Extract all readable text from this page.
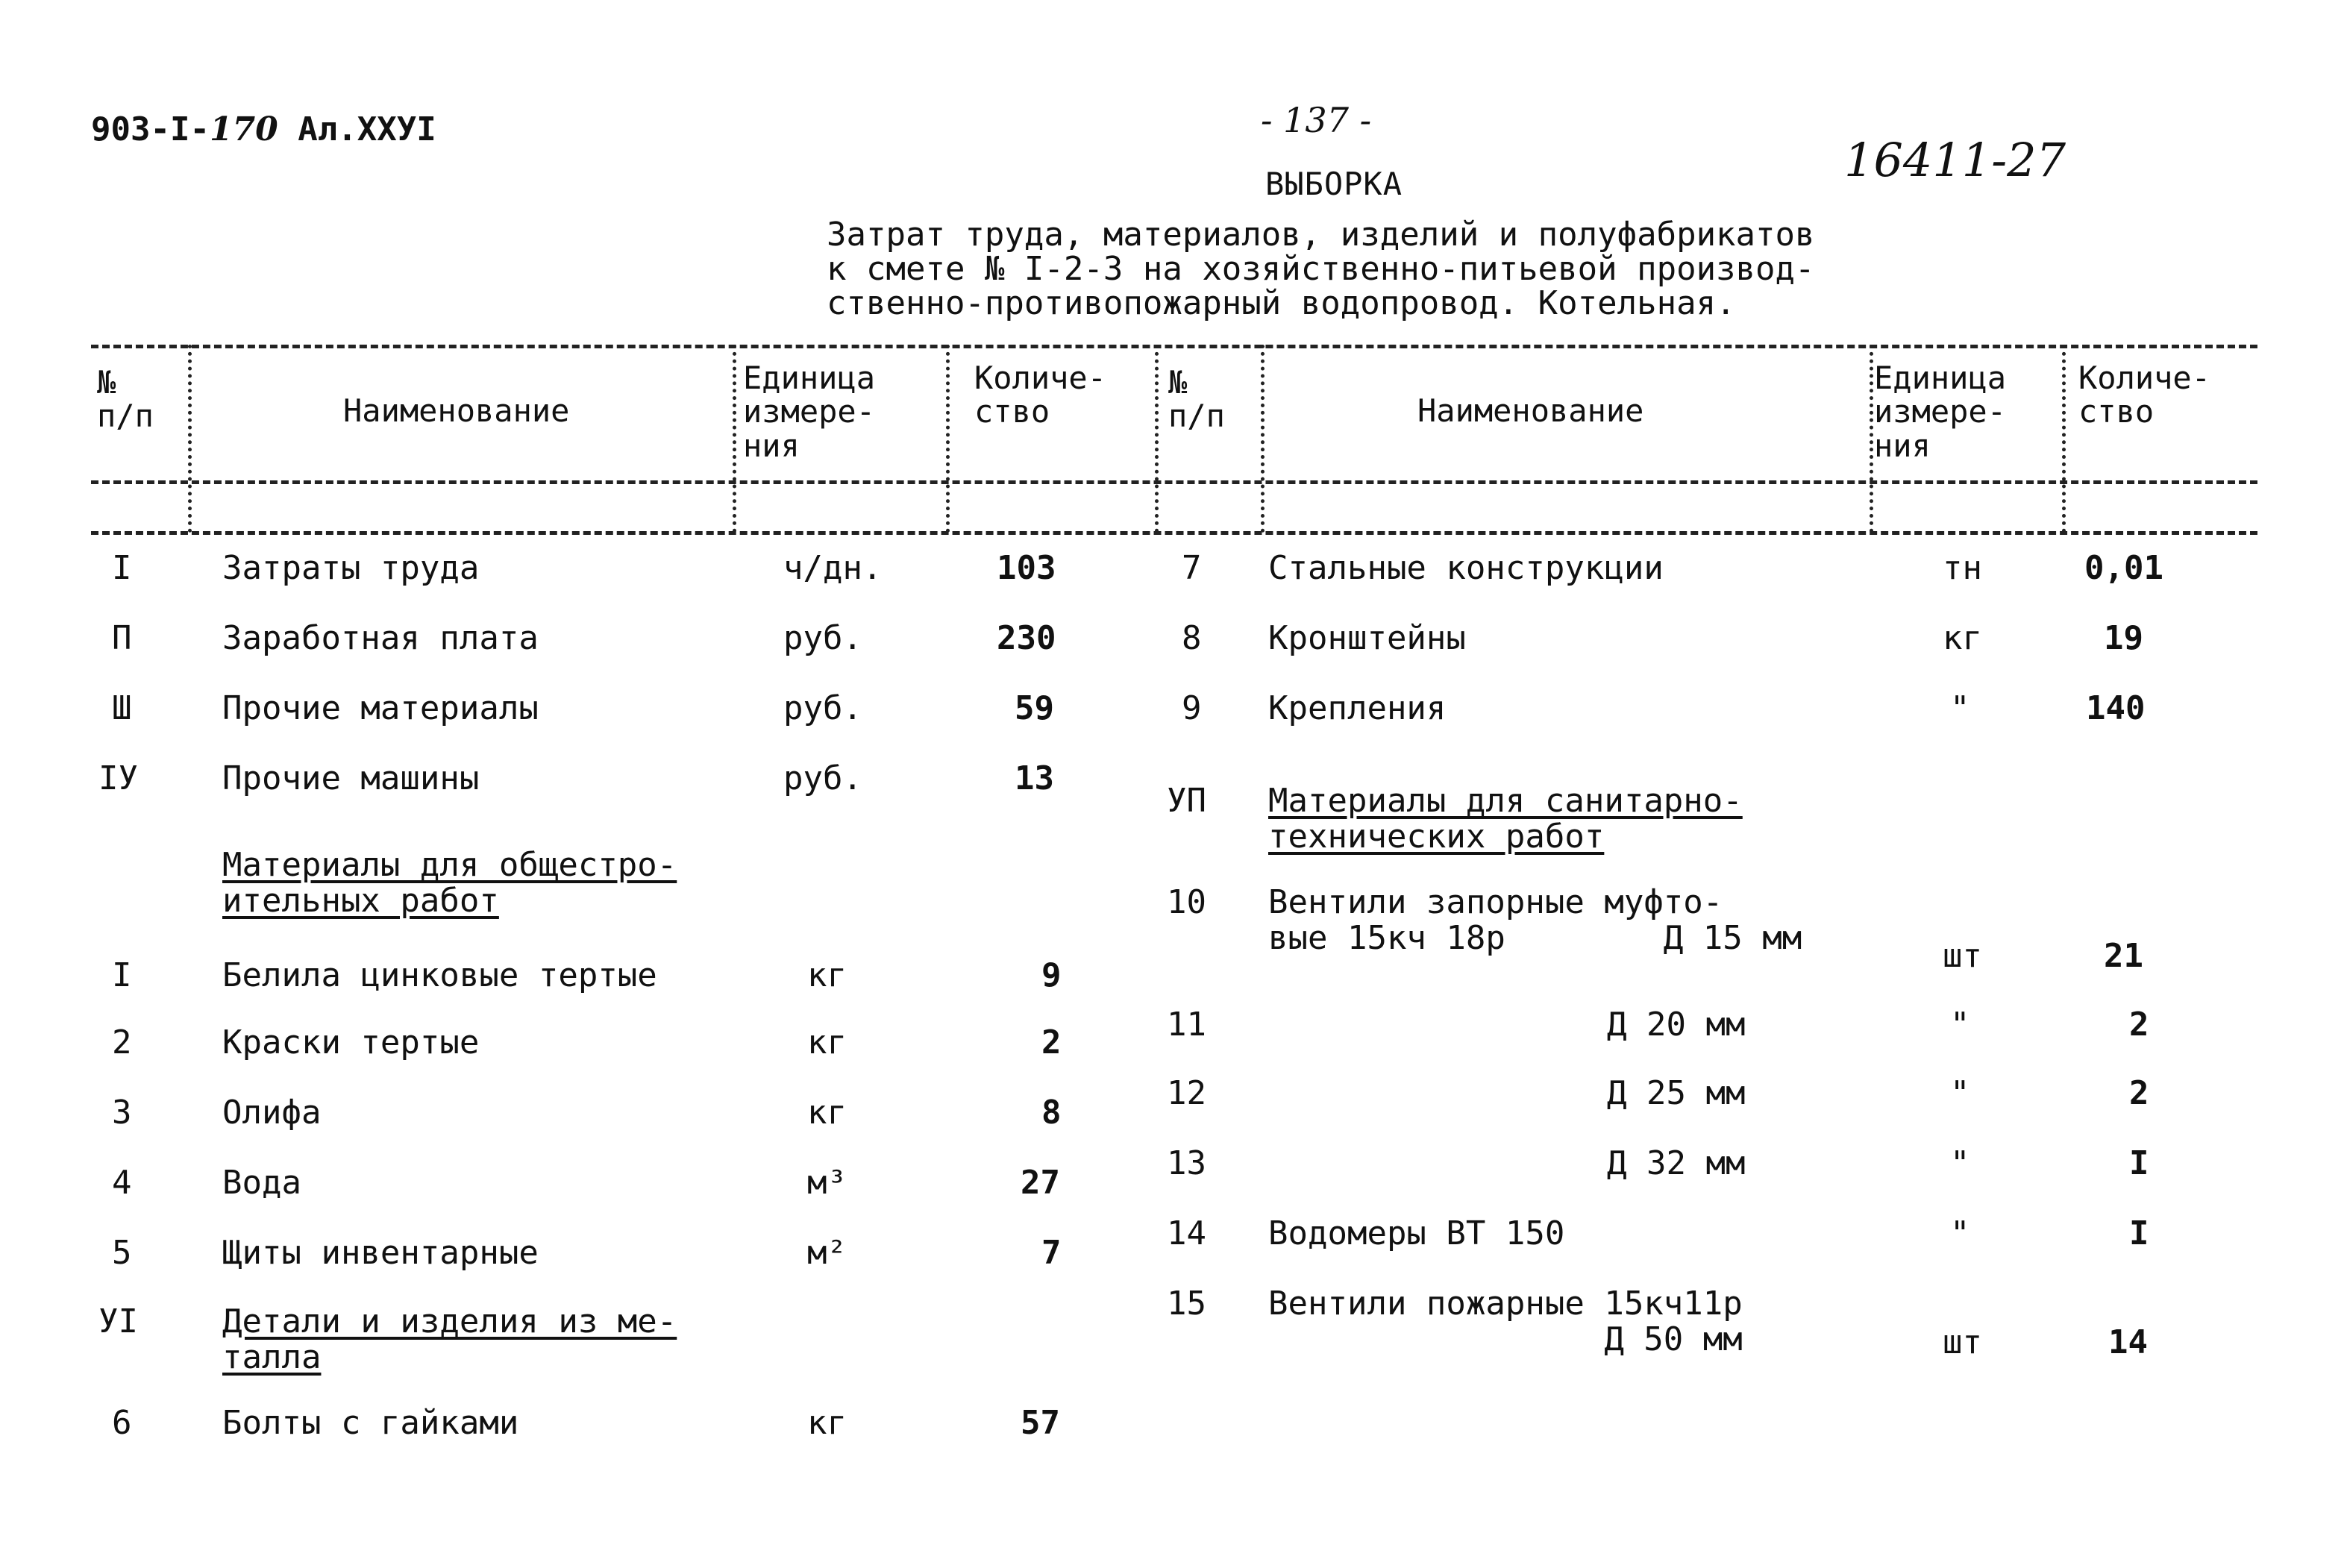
903-I-170 Ал.XXУI	- 137 -
16411-27
ВЫБОРКА
Затрат труда, материалов, изделий и полуфабрикатов
к смете № I-2-3 на хозяйственно-питьевой производ-
ственно-противопожарный водопровод. Котельная.
№
п/п	Наименование
Единица
измере-
ния
Количе-
ство
№
п/п	Наименование
Единица
измере-
ния
Количе-
ство
I	Затраты труда	ч/дн.	103
П	Заработная плата	руб.	230
Ш	Прочие материалы	руб.	59
IУ	Прочие машины	руб.	13
Материалы для общестро-
ительных работ
I	Белила цинковые тертые	кг	9
2	Краски тертые	кг	2
3	Олифа	кг	8
4	Вода	м³	27
5	Щиты инвентарные	м²	7
УI	Детали и изделия из ме-
талла
6	Болты с гайками	кг	57
7 Стальные конструкции	тн	0,01
8 Кронштейны	кг	19
9 Крепления	"	140
УП Материалы для санитарно-
технических работ
10 Вентили запорные муфто-
вые 15кч 18р        Д 15 мм	шт	21
11	Д 20 мм	"	2
12	Д 25 мм	"	2
13	Д 32 мм	"	I
14 Водомеры ВТ 150	"	I
15 Вентили пожарные 15кч11р
Д 50 мм	шт	14
